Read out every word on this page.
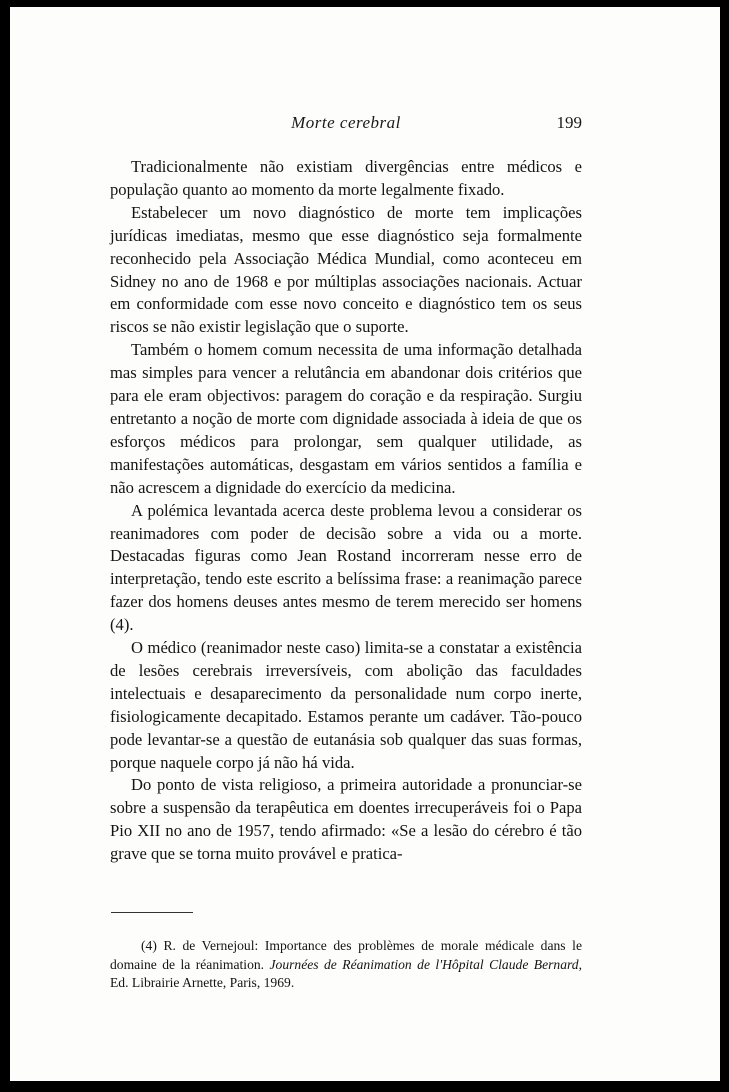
Morte cerebral	199

Tradicionalmente não existiam divergências entre médicos e população quanto ao momento da morte legalmente fixado.

Estabelecer um novo diagnóstico de morte tem implicações jurídicas imediatas, mesmo que esse diagnóstico seja formalmente reconhecido pela Associação Médica Mundial, como aconteceu em Sidney no ano de 1968 e por múltiplas associações nacionais. Actuar em conformidade com esse novo conceito e diagnóstico tem os seus riscos se não existir legislação que o suporte.

Também o homem comum necessita de uma informação detalhada mas simples para vencer a relutância em abandonar dois critérios que para ele eram objectivos: paragem do coração e da respiração. Surgiu entretanto a noção de morte com dignidade associada à ideia de que os esforços médicos para prolongar, sem qualquer utilidade, as manifestações automáticas, desgastam em vários sentidos a família e não acrescem a dignidade do exercício da medicina.

A polémica levantada acerca deste problema levou a considerar os reanimadores com poder de decisão sobre a vida ou a morte. Destacadas figuras como Jean Rostand incorreram nesse erro de interpretação, tendo este escrito a belíssima frase: a reanimação parece fazer dos homens deuses antes mesmo de terem merecido ser homens (4).

O médico (reanimador neste caso) limita-se a constatar a existência de lesões cerebrais irreversíveis, com abolição das faculdades intelectuais e desaparecimento da personalidade num corpo inerte, fisiologicamente decapitado. Estamos perante um cadáver. Tão-pouco pode levantar-se a questão de eutanásia sob qualquer das suas formas, porque naquele corpo já não há vida.

Do ponto de vista religioso, a primeira autoridade a pronunciar-se sobre a suspensão da terapêutica em doentes irrecuperáveis foi o Papa Pio XII no ano de 1957, tendo afirmado: «Se a lesão do cérebro é tão grave que se torna muito provável e pratica-

(4) R. de Vernejoul: Importance des problèmes de morale médicale dans le domaine de la réanimation. Journées de Réanimation de l'Hôpital Claude Bernard, Ed. Librairie Arnette, Paris, 1969.
